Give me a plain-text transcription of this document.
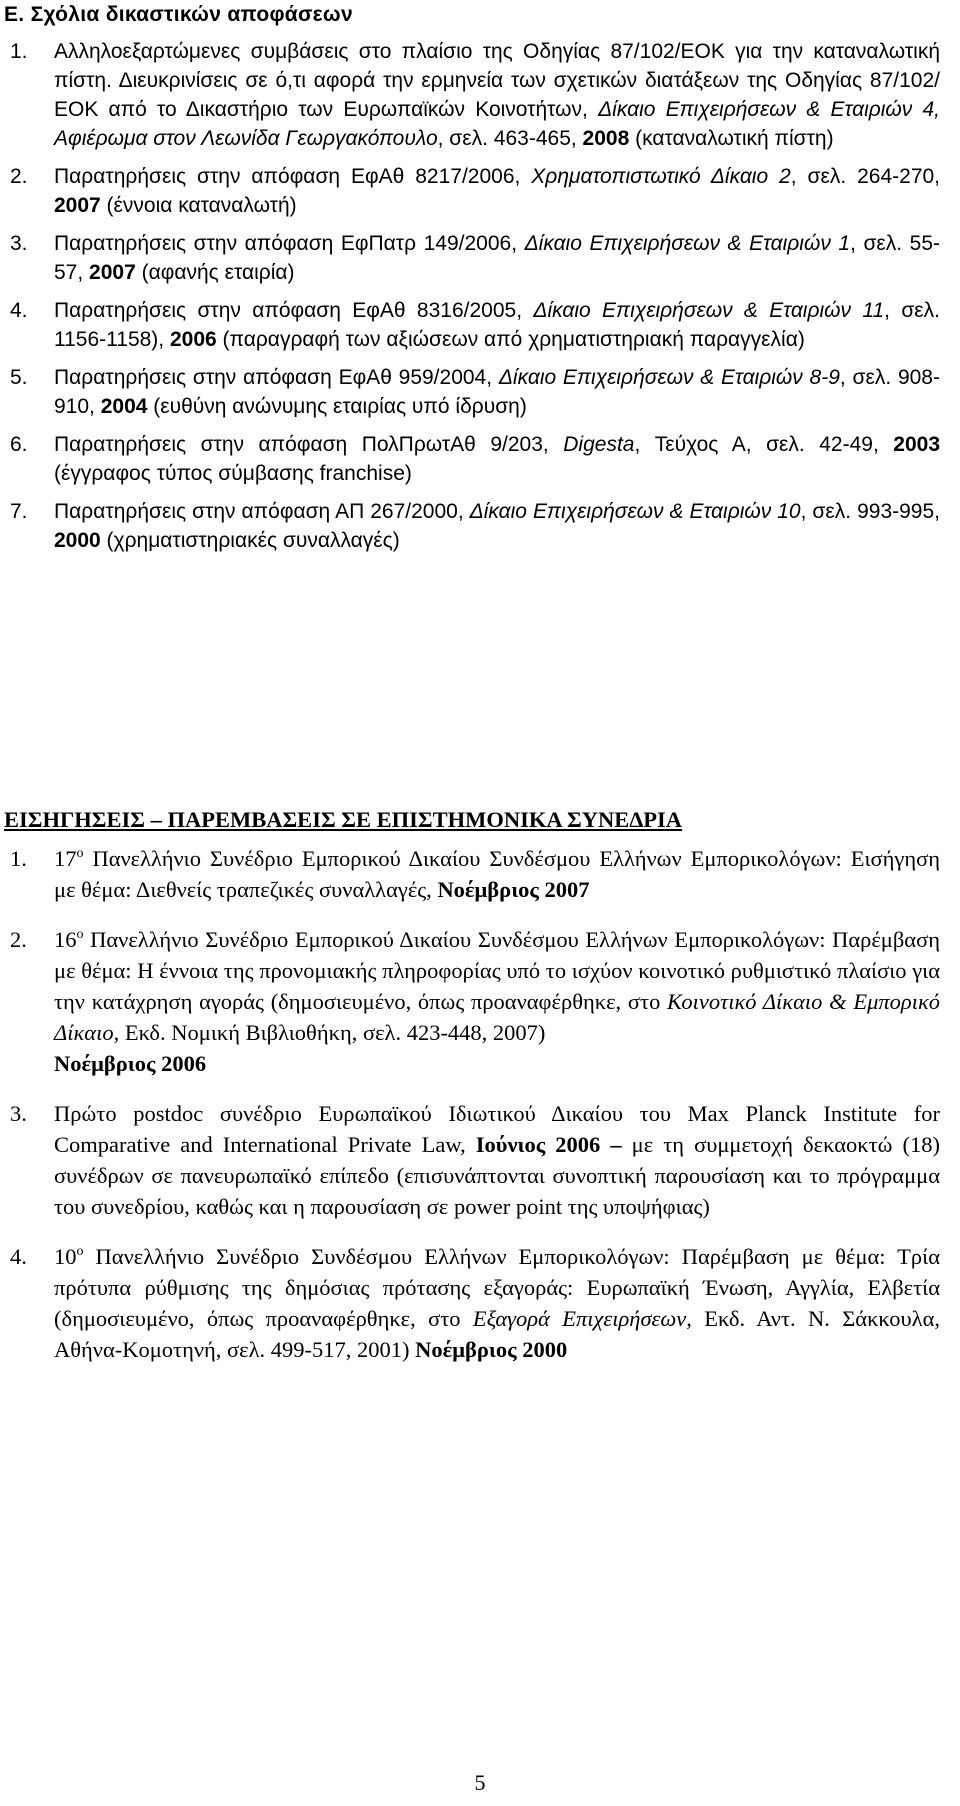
Ε. Σχόλια δικαστικών αποφάσεων

1. Αλληλοεξαρτώμενες συμβάσεις στο πλαίσιο της Οδηγίας 87/102/ΕΟΚ για την καταναλωτική πίστη. Διευκρινίσεις σε ό,τι αφορά την ερμηνεία των σχετικών διατάξεων της Οδηγίας 87/102/ΕΟΚ από το Δικαστήριο των Ευρωπαϊκών Κοινοτήτων, Δίκαιο Επιχειρήσεων & Εταιριών 4, Αφιέρωμα στον Λεωνίδα Γεωργακόπουλο, σελ. 463-465, 2008 (καταναλωτική πίστη)
2. Παρατηρήσεις στην απόφαση ΕφΑθ 8217/2006, Χρηματοπιστωτικό Δίκαιο 2, σελ. 264-270, 2007 (έννοια καταναλωτή)
3. Παρατηρήσεις στην απόφαση ΕφΠατρ 149/2006, Δίκαιο Επιχειρήσεων & Εταιριών 1, σελ. 55-57, 2007 (αφανής εταιρία)
4. Παρατηρήσεις στην απόφαση ΕφΑθ 8316/2005, Δίκαιο Επιχειρήσεων & Εταιριών 11, σελ. 1156-1158), 2006 (παραγραφή των αξιώσεων από χρηματιστηριακή παραγγελία)
5. Παρατηρήσεις στην απόφαση ΕφΑθ 959/2004, Δίκαιο Επιχειρήσεων & Εταιριών 8-9, σελ. 908-910, 2004 (ευθύνη ανώνυμης εταιρίας υπό ίδρυση)
6. Παρατηρήσεις στην απόφαση ΠολΠρωτΑθ 9/203, Digesta, Τεύχος Α, σελ. 42-49, 2003 (έγγραφος τύπος σύμβασης franchise)
7. Παρατηρήσεις στην απόφαση ΑΠ 267/2000, Δίκαιο Επιχειρήσεων & Εταιριών 10, σελ. 993-995, 2000 (χρηματιστηριακές συναλλαγές)

ΕΙΣΗΓΗΣΕΙΣ – ΠΑΡΕΜΒΑΣΕΙΣ ΣΕ ΕΠΙΣΤΗΜΟΝΙΚΑ ΣΥΝΕΔΡΙΑ

1. $17^o$ Πανελλήνιο Συνέδριο Εμπορικού Δικαίου Συνδέσμου Ελλήνων Εμπορικολόγων: Εισήγηση με θέμα: Διεθνείς τραπεζικές συναλλαγές, Νοέμβριος 2007
2. $16^o$ Πανελλήνιο Συνέδριο Εμπορικού Δικαίου Συνδέσμου Ελλήνων Εμπορικολόγων: Παρέμβαση με θέμα: Η έννοια της προνομιακής πληροφορίας υπό το ισχύον κοινοτικό ρυθμιστικό πλαίσιο για την κατάχρηση αγοράς (δημοσιευμένο, όπως προαναφέρθηκε, στο Κοινοτικό Δίκαιο & Εμπορικό Δίκαιο, Εκδ. Νομική Βιβλιοθήκη, σελ. 423-448, 2007)
Νοέμβριος 2006
3. Πρώτο postdoc συνέδριο Ευρωπαϊκού Ιδιωτικού Δικαίου του Max Planck Institute for Comparative and International Private Law, Ιούνιος 2006 – με τη συμμετοχή δεκαοκτώ (18) συνέδρων σε πανευρωπαϊκό επίπεδο (επισυνάπτονται συνοπτική παρουσίαση και το πρόγραμμα του συνεδρίου, καθώς και η παρουσίαση σε power point της υποψήφιας)
4. $10^o$ Πανελλήνιο Συνέδριο Συνδέσμου Ελλήνων Εμπορικολόγων: Παρέμβαση με θέμα: Τρία πρότυπα ρύθμισης της δημόσιας πρότασης εξαγοράς: Ευρωπαϊκή Ένωση, Αγγλία, Ελβετία (δημοσιευμένο, όπως προαναφέρθηκε, στο Εξαγορά Επιχειρήσεων, Εκδ. Αντ. Ν. Σάκκουλα, Αθήνα-Κομοτηνή, σελ. 499-517, 2001) Νοέμβριος 2000
5
